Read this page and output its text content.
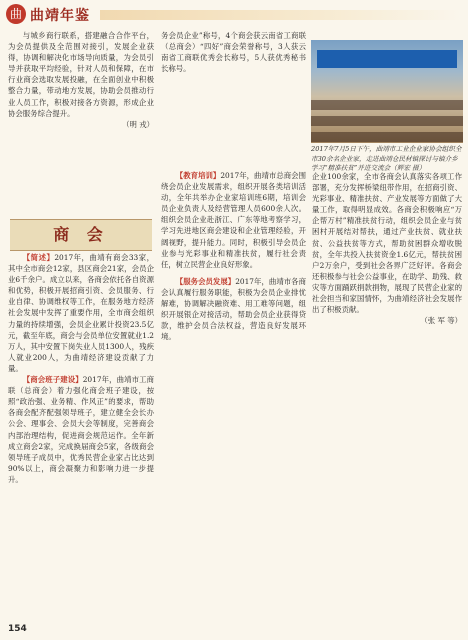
曲 曲靖年鉴

与城乡商行联系，搭建融合合作平台，为会员提供及全范围对接引，发展企业获得，协调和解决化市场导向质量，为会员引导并获取平均经验，针对人员和保障，在市行业商会选取发展投融，在全面创业中积极整合力量，带动地方发展，协助会员推动行业人员工作，积极对接各方资源，形成企业协会服务综合提升。

（明 戎）

商 会

【简述】2017年，曲靖有商会33家，其中全市商会12家，县区商会21家，会员企业6千余户。成立以来，各商会依托各自资源和优势，积极开展招商引资、会员服务、行业自律、协调维权等工作，在服务地方经济社会发展中发挥了重要作用，全市商会组织力量的持续增强，会员企业累计投资23.5亿元，截至年底，商会与会员单位安置就业1.2万人，其中安置下岗失业人员1300人，残疾人就业200人，为曲靖经济建设贡献了力量。

【商会班子建设】2017年，曲靖市工商联（总商会）着力强化商会班子建设，按照“政治强、业务精、作风正”的要求，帮助各商会配齐配强领导班子，建立健全会长办公会、理事会、会员大会等制度，完善商会内部治理结构，促进商会规范运作。全年新成立商会2家，完成换届商会5家，各级商会领导班子成员中，优秀民营企业家占比达到90%以上，商会凝聚力和影响力进一步提升。

务会员企业”称号，4个商会获云南省工商联（总商会）“四好”商会荣誉称号，3人获云南省工商联优秀会长称号，5人获优秀秘书长称号。

【教育培训】2017年，曲靖市总商会围绕会员企业发展需求，组织开展各类培训活动，全年共举办企业家培训班6期，培训会员企业负责人及经营管理人员600余人次。组织会员企业赴浙江、广东等地考察学习，学习先进地区商会建设和企业管理经验，开阔视野，提升能力。同时，积极引导会员企业参与光彩事业和精准扶贫，履行社会责任，树立民营企业良好形象。

【服务会员发展】2017年，曲靖市各商会认真履行服务职能，积极为会员企业排忧解难，协调解决融资难、用工难等问题，组织开展银企对接活动，帮助会员企业获得贷款，维护会员合法权益，营造良好发展环境。

2017年7月5日下午，曲靖市工业企业家协会组织全市30余名企业家，走进曲靖仓民材镇探讨与镇介乡学习“精准扶贫”并进交流会（辉宏 摄）

企业100余家，全市各商会认真落实各项工作部署，充分发挥桥梁纽带作用，在招商引资、光彩事业、精准扶贫、产业发展等方面做了大量工作，取得明显成效。各商会积极响应“万企帮万村”精准扶贫行动，组织会员企业与贫困村开展结对帮扶，通过产业扶贫、就业扶贫、公益扶贫等方式，帮助贫困群众增收脱贫，全年共投入扶贫资金1.6亿元，帮扶贫困户2万余户，受到社会各界广泛好评。各商会还积极参与社会公益事业，在助学、助残、救灾等方面踊跃捐款捐物，展现了民营企业家的社会担当和家国情怀，为曲靖经济社会发展作出了积极贡献。

（张 军 等）

154
